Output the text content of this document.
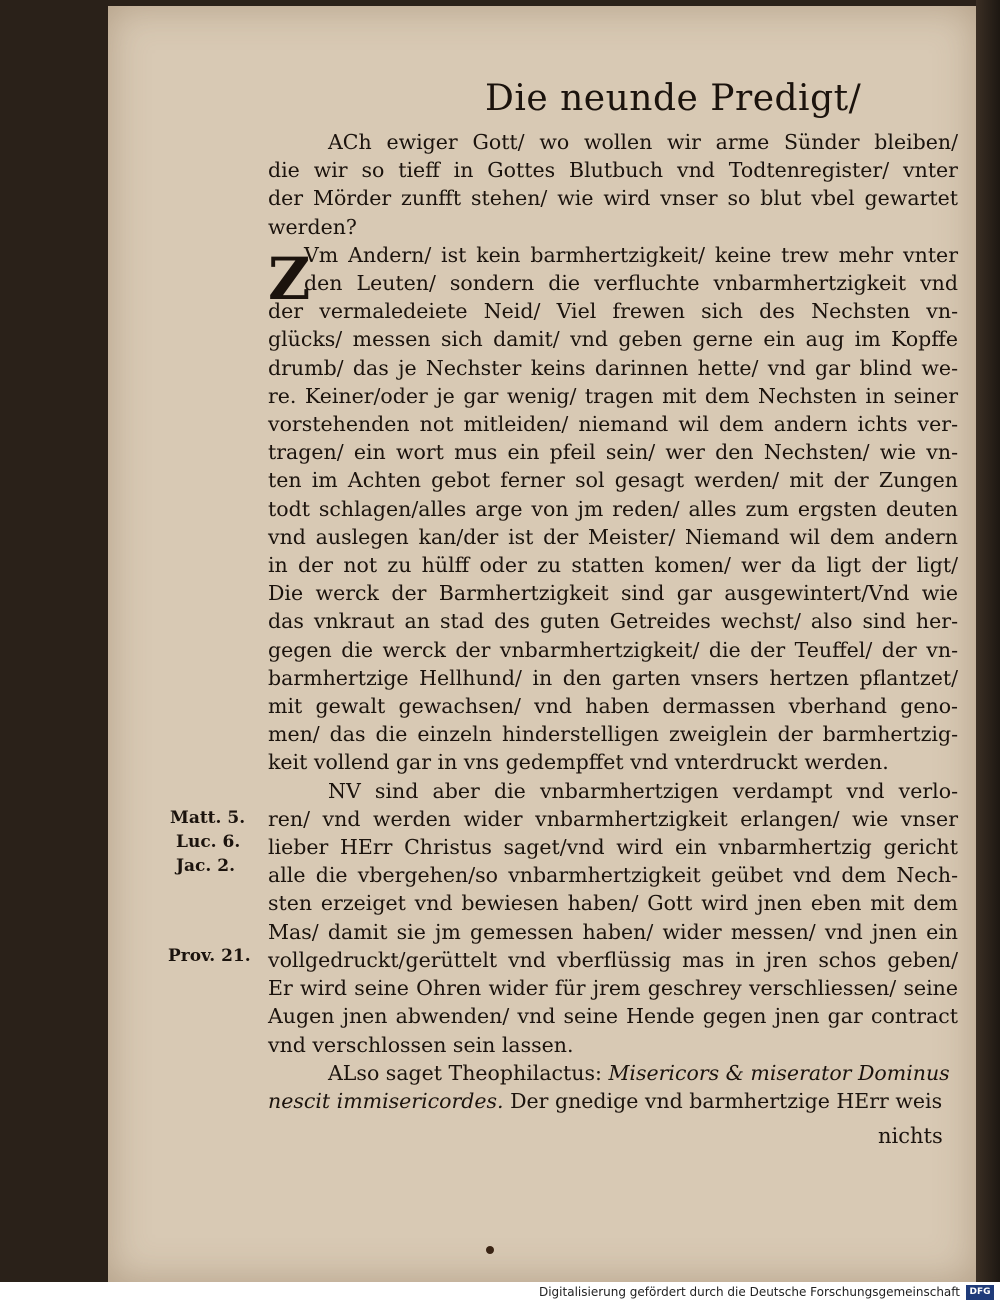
Die neunde Predigt/
Z

ACh ewiger Gott/ wo wollen wir arme Sünder bleiben/
die wir so tieff in Gottes Blutbuch vnd Todtenregister/ vnter
der Mörder zunfft stehen/ wie wird vnser so blut vbel gewartet
werden?

Vm Andern/ ist kein barmhertzigkeit/ keine trew mehr vnter
den Leuten/ sondern die verfluchte vnbarmhertzigkeit vnd
der vermaledeiete Neid/ Viel frewen sich des Nechsten vn-
glücks/ messen sich damit/ vnd geben gerne ein aug im Kopffe
drumb/ das je Nechster keins darinnen hette/ vnd gar blind we-
re. Keiner/oder je gar wenig/ tragen mit dem Nechsten in seiner
vorstehenden not mitleiden/ niemand wil dem andern ichts ver-
tragen/ ein wort mus ein pfeil sein/ wer den Nechsten/ wie vn-
ten im Achten gebot ferner sol gesagt werden/ mit der Zungen
todt schlagen/alles arge von jm reden/ alles zum ergsten deuten
vnd auslegen kan/der ist der Meister/ Niemand wil dem andern
in der not zu hülff oder zu statten komen/ wer da ligt der ligt/
Die werck der Barmhertzigkeit sind gar ausgewintert/Vnd wie
das vnkraut an stad des guten Getreides wechst/ also sind her-
gegen die werck der vnbarmhertzigkeit/ die der Teuffel/ der vn-
barmhertzige Hellhund/ in den garten vnsers hertzen pflantzet/
mit gewalt gewachsen/ vnd haben dermassen vberhand geno-
men/ das die einzeln hinderstelligen zweiglein der barmhertzig-
keit vollend gar in vns gedempffet vnd vnterdruckt werden.

NV sind aber die vnbarmhertzigen verdampt vnd verlo-
ren/ vnd werden wider vnbarmhertzigkeit erlangen/ wie vnser
lieber HErr Christus saget/vnd wird ein vnbarmhertzig gericht
alle die vbergehen/so vnbarmhertzigkeit geübet vnd dem Nech-
sten erzeiget vnd bewiesen haben/ Gott wird jnen eben mit dem
Mas/ damit sie jm gemessen haben/ wider messen/ vnd jnen ein
vollgedruckt/gerüttelt vnd vberflüssig mas in jren schos geben/
Er wird seine Ohren wider für jrem geschrey verschliessen/ seine
Augen jnen abwenden/ vnd seine Hende gegen jnen gar contract
vnd verschlossen sein lassen.

ALso saget Theophilactus: Misericors & miserator Dominus
nescit immisericordes. Der gnedige vnd barmhertzige HErr weis

Matt. 5.
Luc. 6.
Jac. 2.
Prov. 21.
nichts
Digitalisierung gefördert durch die Deutsche Forschungsgemeinschaft	DFG
